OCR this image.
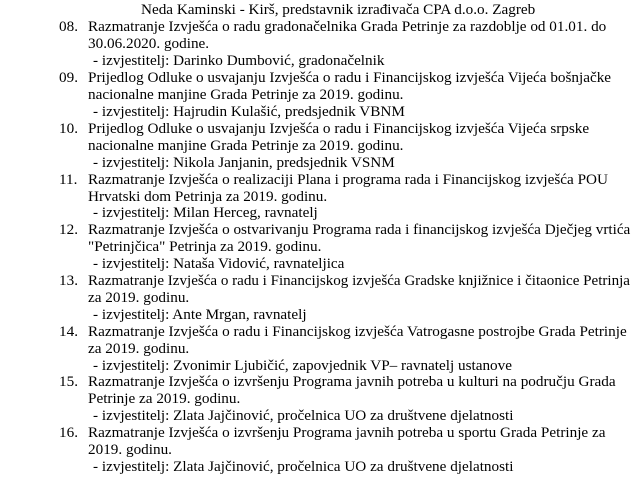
Neda Kaminski - Kirš, predstavnik izrađivača CPA d.o.o. Zagreb
08. Razmatranje Izvješća o radu gradonačelnika Grada Petrinje za razdoblje od 01.01. do
30.06.2020. godine.
- izvjestitelj: Darinko Dumbović, gradonačelnik
09. Prijedlog Odluke o usvajanju Izvješća o radu i Financijskog izvješća Vijeća bošnjačke
nacionalne manjine Grada Petrinje za 2019. godinu.
- izvjestitelj: Hajrudin Kulašić, predsjednik VBNM
10. Prijedlog Odluke o usvajanju Izvješća o radu i Financijskog izvješća Vijeća srpske
nacionalne manjine Grada Petrinje za 2019. godinu.
- izvjestitelj: Nikola Janjanin, predsjednik VSNM
11. Razmatranje Izvješća o realizaciji Plana i programa rada i Financijskog izvješća POU
Hrvatski dom Petrinja za 2019. godinu.
- izvjestitelj: Milan Herceg, ravnatelj
12. Razmatranje Izvješća o ostvarivanju Programa rada i financijskog izvješća Dječjeg vrtića
"Petrinjčica" Petrinja za 2019. godinu.
- izvjestitelj: Nataša Vidović, ravnateljica
13. Razmatranje Izvješća o radu i Financijskog izvješća Gradske knjižnice i čitaonice Petrinja
za 2019. godinu.
- izvjestitelj: Ante Mrgan, ravnatelj
14. Razmatranje Izvješća o radu i Financijskog izvješća Vatrogasne postrojbe Grada Petrinje
za 2019. godinu.
- izvjestitelj: Zvonimir Ljubičić, zapovjednik VP– ravnatelj ustanove
15. Razmatranje Izvješća o izvršenju Programa javnih potreba u kulturi na području Grada
Petrinje za 2019. godinu.
- izvjestitelj: Zlata Jajčinović, pročelnica UO za društvene djelatnosti
16. Razmatranje Izvješća o izvršenju Programa javnih potreba u sportu Grada Petrinje za
2019. godinu.
- izvjestitelj: Zlata Jajčinović, pročelnica UO za društvene djelatnosti
